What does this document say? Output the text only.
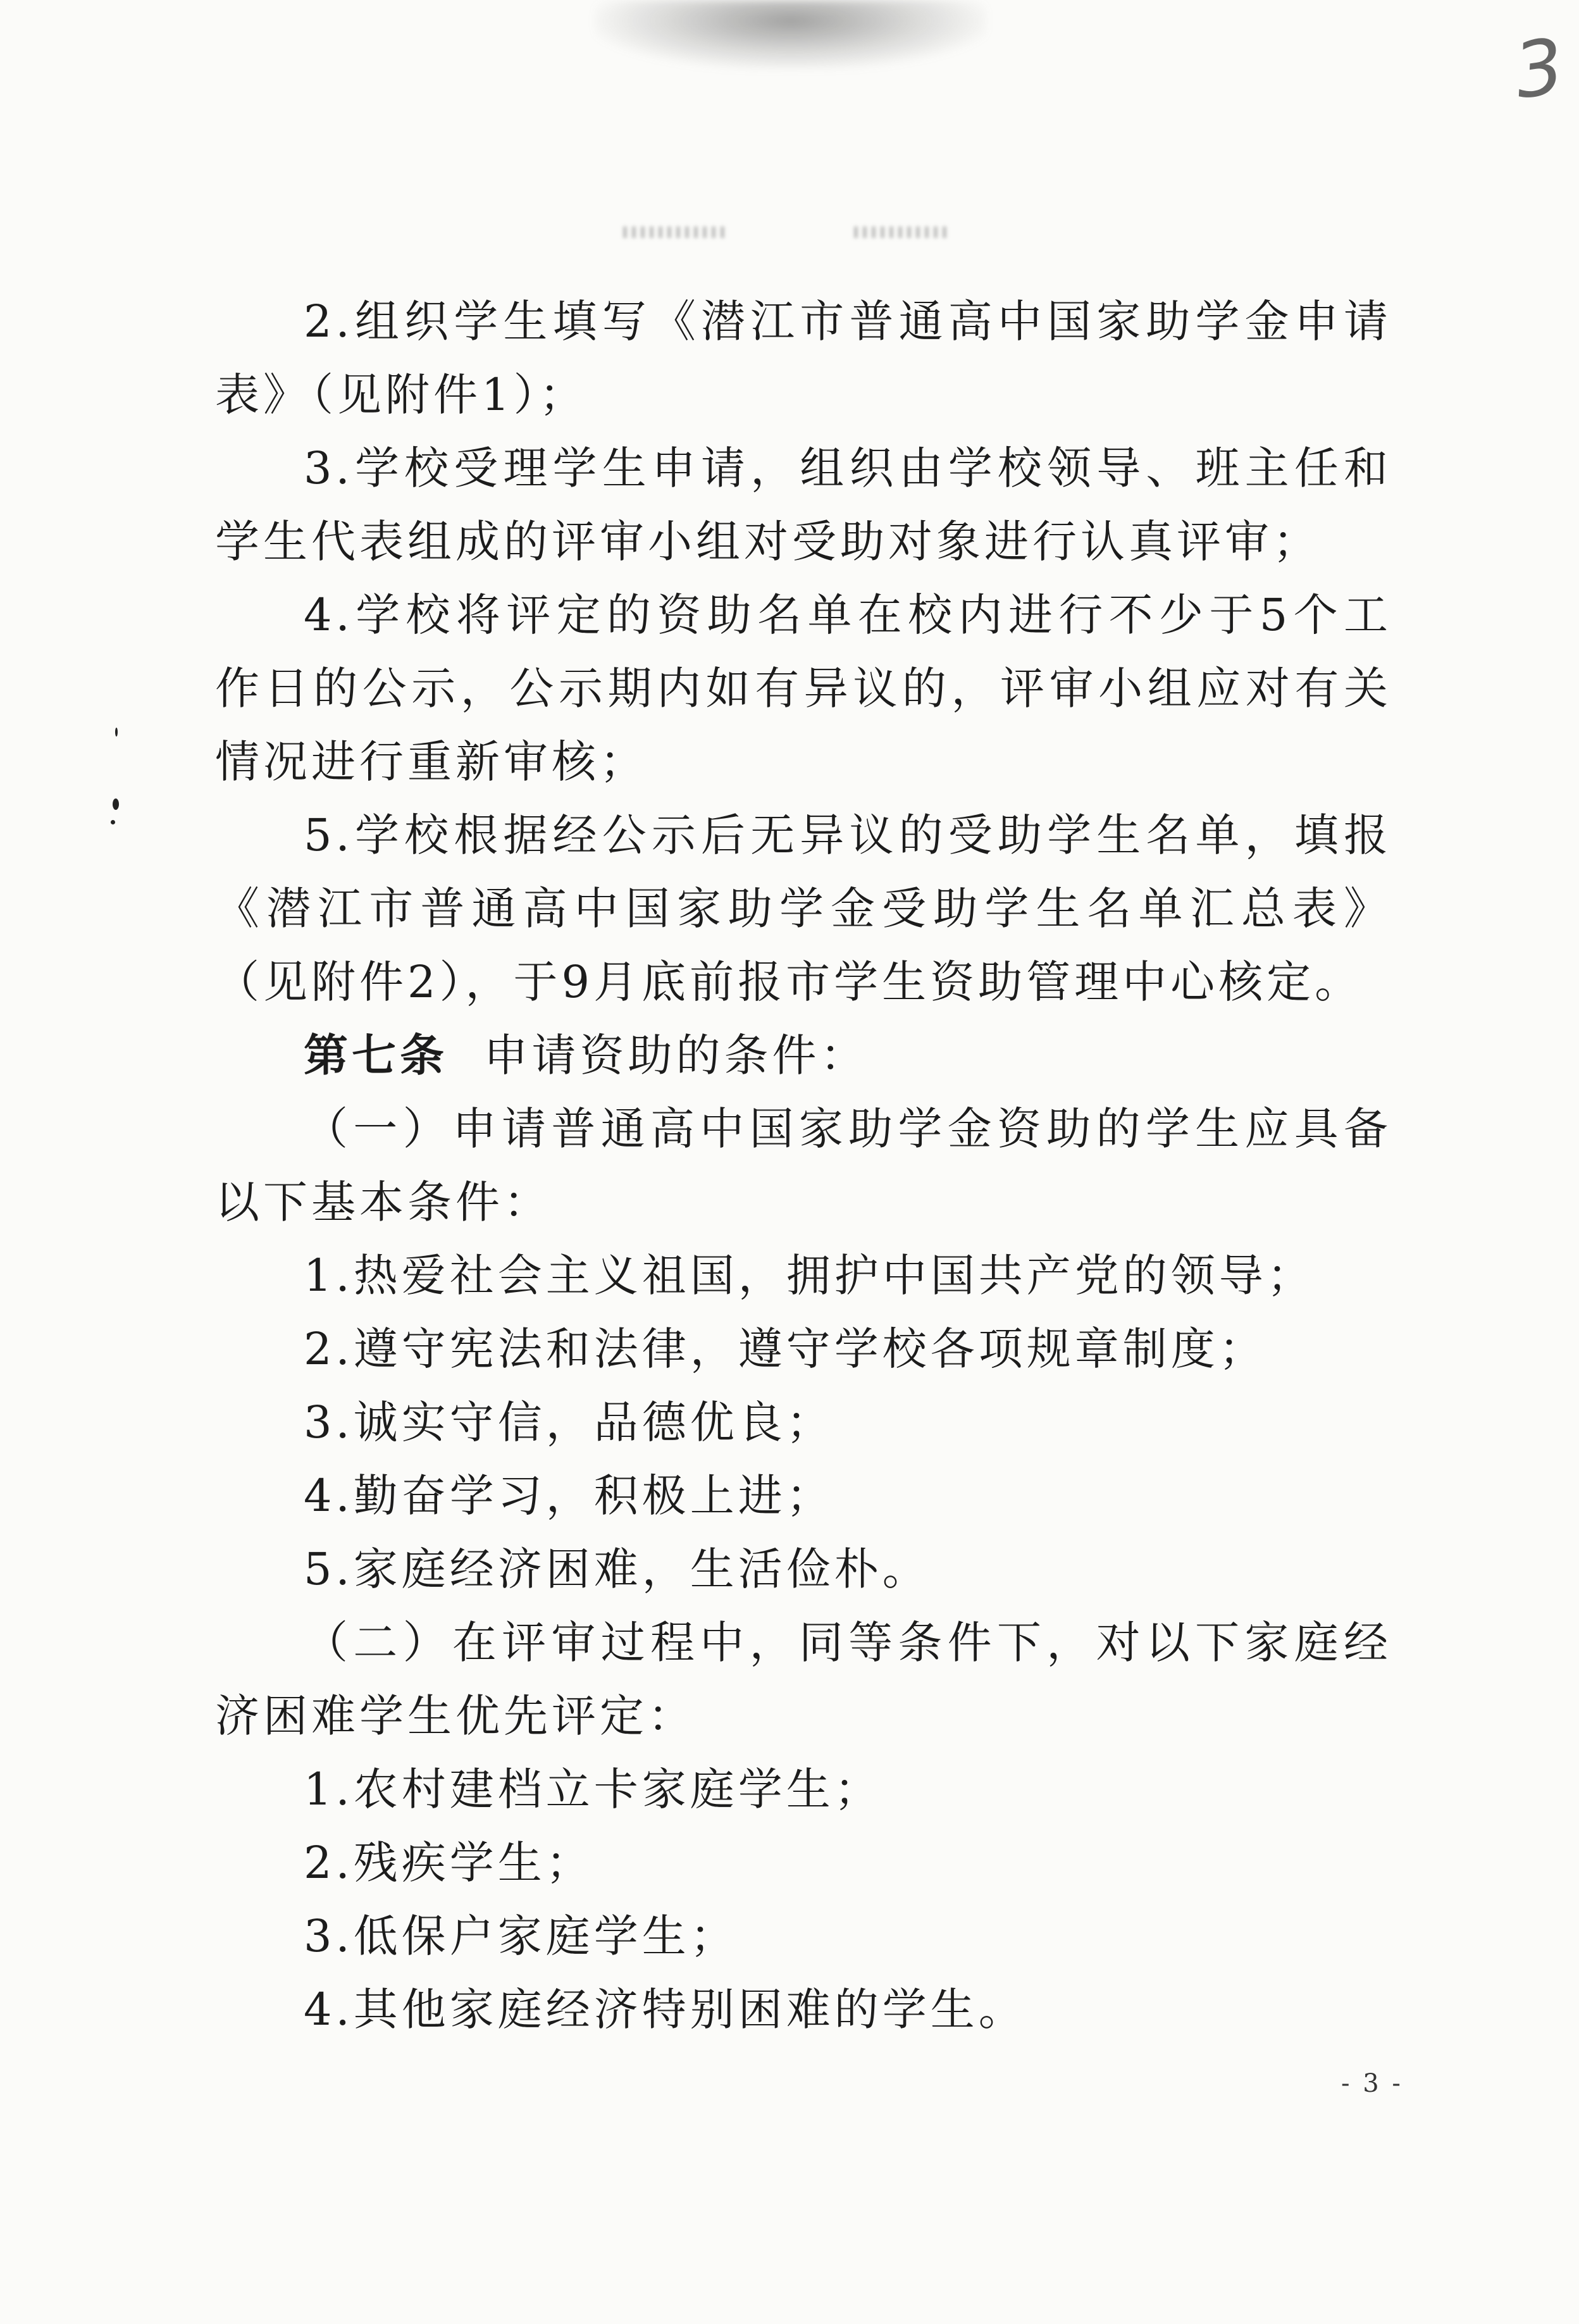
3

2.组织学生填写《潜江市普通高中国家助学金申请表》（见附件1）；

3.学校受理学生申请，组织由学校领导、班主任和学生代表组成的评审小组对受助对象进行认真评审；

4.学校将评定的资助名单在校内进行不少于5个工作日的公示，公示期内如有异议的，评审小组应对有关情况进行重新审核；

5.学校根据经公示后无异议的受助学生名单，填报《潜江市普通高中国家助学金受助学生名单汇总表》（见附件2），于9月底前报市学生资助管理中心核定。

第七条 申请资助的条件：

（一）申请普通高中国家助学金资助的学生应具备以下基本条件：

1.热爱社会主义祖国，拥护中国共产党的领导；

2.遵守宪法和法律，遵守学校各项规章制度；

3.诚实守信，品德优良；

4.勤奋学习，积极上进；

5.家庭经济困难，生活俭朴。

（二）在评审过程中，同等条件下，对以下家庭经济困难学生优先评定：

1.农村建档立卡家庭学生；

2.残疾学生；

3.低保户家庭学生；

4.其他家庭经济特别困难的学生。

- 3 -
